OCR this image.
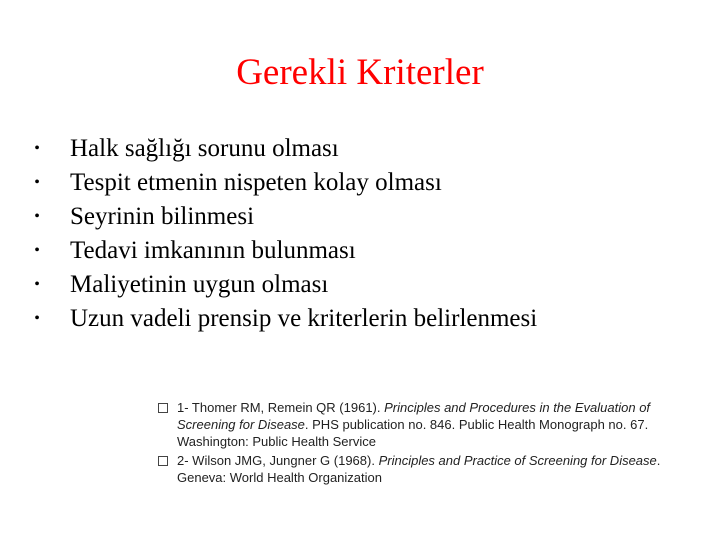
Gerekli Kriterler
• Halk sağlığı sorunu olması
• Tespit etmenin nispeten kolay olması
• Seyrinin bilinmesi
• Tedavi imkanının bulunması
• Maliyetinin uygun olması
• Uzun vadeli prensip ve kriterlerin belirlenmesi
1- Thomer RM, Remein QR (1961). Principles and Procedures in the Evaluation of Screening for Disease. PHS publication no. 846. Public Health Monograph no. 67. Washington: Public Health Service
2- Wilson JMG, Jungner G (1968). Principles and Practice of Screening for Disease. Geneva: World Health Organization
